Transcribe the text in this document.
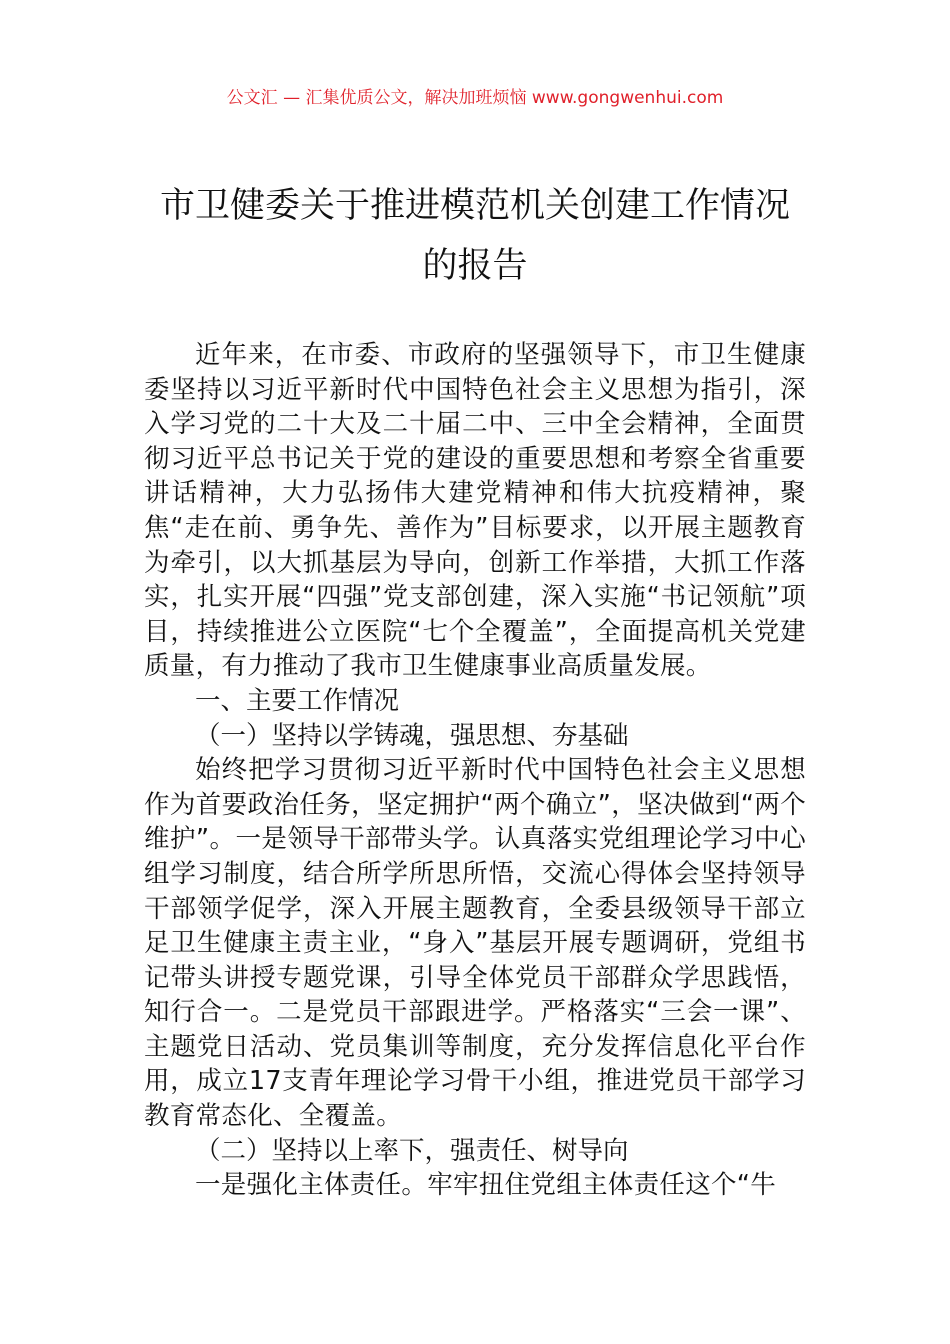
公文汇 — 汇集优质公文，解决加班烦恼 www.gongwenhui.com
市卫健委关于推进模范机关创建工作情况
的报告

近年来，在市委、市政府的坚强领导下，市卫生健康委坚持以习近平新时代中国特色社会主义思想为指引，深入学习党的二十大及二十届二中、三中全会精神，全面贯彻习近平总书记关于党的建设的重要思想和考察全省重要讲话精神，大力弘扬伟大建党精神和伟大抗疫精神，聚焦“走在前、勇争先、善作为”目标要求，以开展主题教育为牵引，以大抓基层为导向，创新工作举措，大抓工作落实，扎实开展“四强”党支部创建，深入实施“书记领航”项目，持续推进公立医院“七个全覆盖”，全面提高机关党建质量，有力推动了我市卫生健康事业高质量发展。

一、主要工作情况

（一）坚持以学铸魂，强思想、夯基础

始终把学习贯彻习近平新时代中国特色社会主义思想作为首要政治任务，坚定拥护“两个确立”，坚决做到“两个维护”。一是领导干部带头学。认真落实党组理论学习中心组学习制度，结合所学所思所悟，交流心得体会坚持领导干部领学促学，深入开展主题教育，全委县级领导干部立足卫生健康主责主业，“身入”基层开展专题调研，党组书记带头讲授专题党课，引导全体党员干部群众学思践悟，知行合一。二是党员干部跟进学。严格落实“三会一课”、主题党日活动、党员集训等制度，充分发挥信息化平台作用，成立17支青年理论学习骨干小组，推进党员干部学习教育常态化、全覆盖。

（二）坚持以上率下，强责任、树导向

一是强化主体责任。牢牢扭住党组主体责任这个“牛
